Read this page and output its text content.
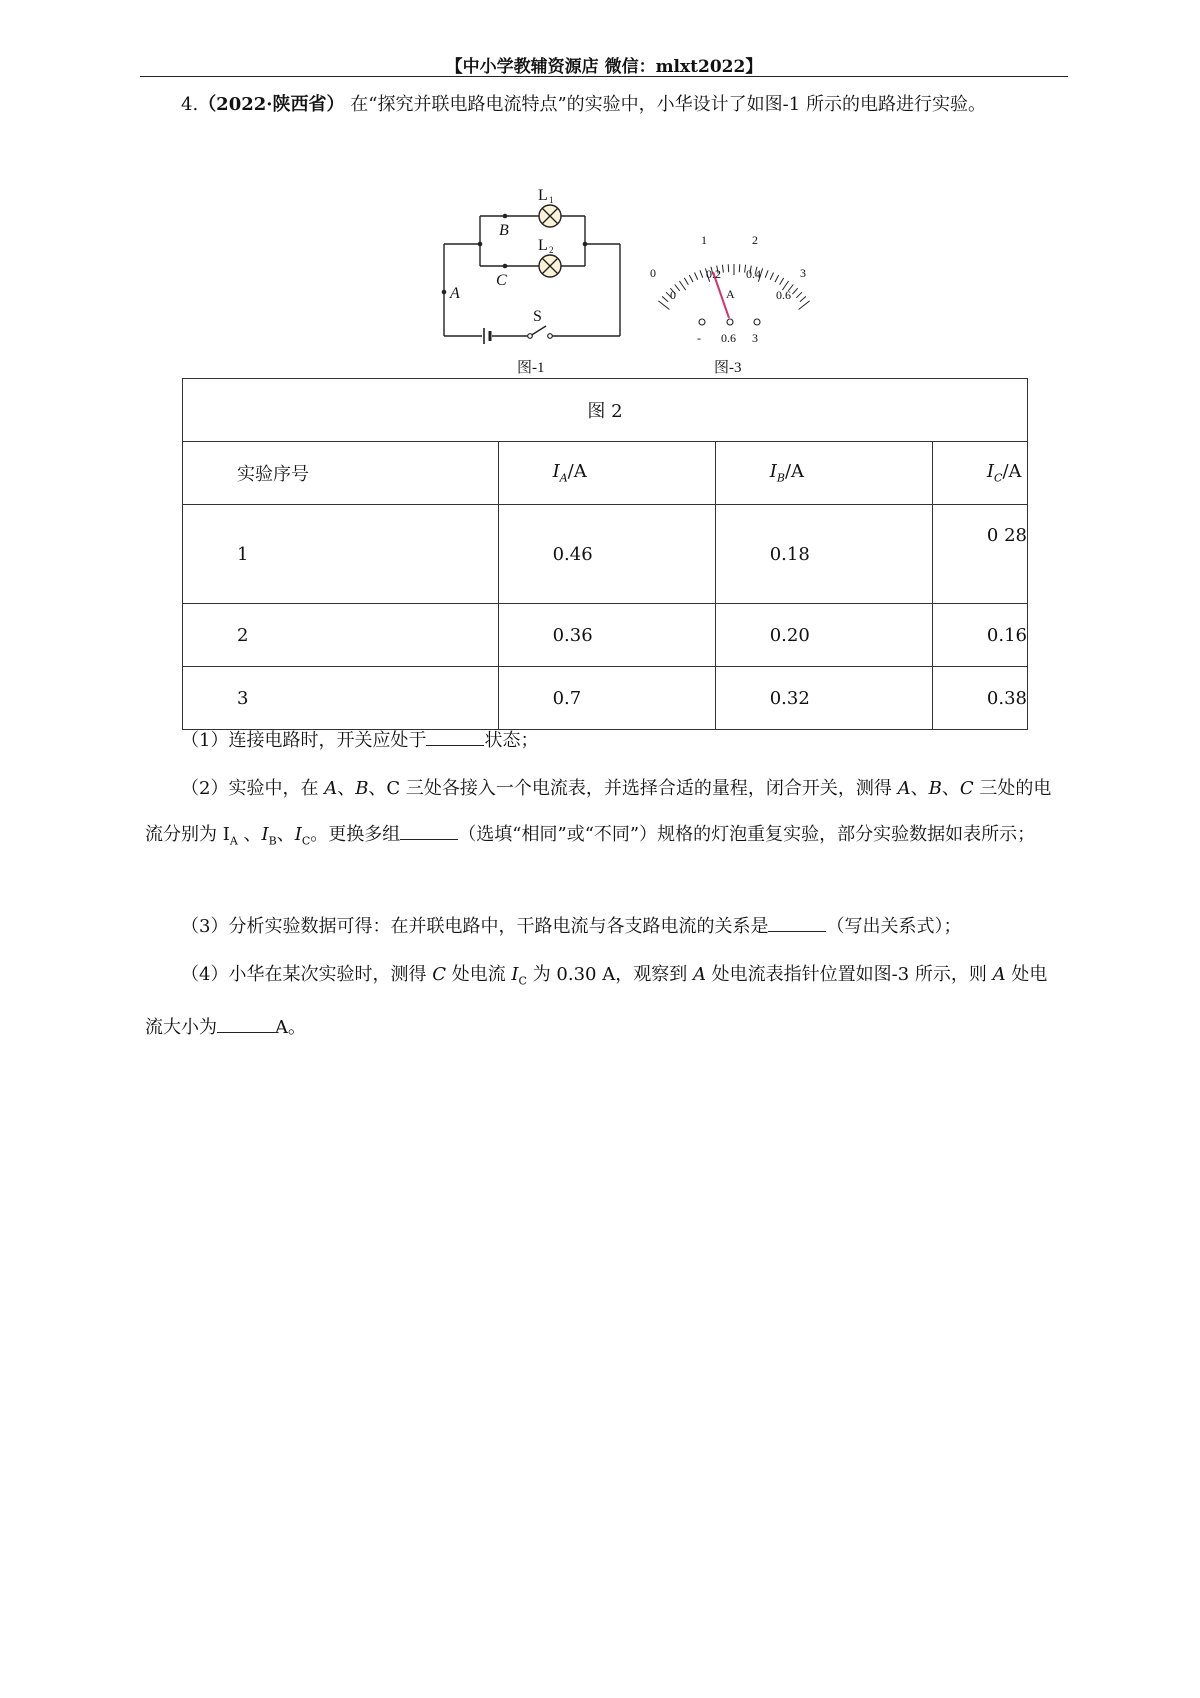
【中小学教辅资源店 微信：mlxt2022】
4.（2022·陕西省） 在“探究并联电路电流特点”的实验中，小华设计了如图-1 所示的电路进行实验。
L 1
L 2
B
C
A
S
图-1
0
1	2
3
0
0.2 0.4
0.6
A
- 0.6 3
图-3
图 2			
实验序号	$I_A/A$	$I_B/A$	$I_C/A$
1	0.46	0.18	0 28
2	0.36	0.20	0.16
3	0.7	0.32	0.38
（1）连接电路时，开关应处于	状态；
（2）实验中，在 A、B、C 三处各接入一个电流表，并选择合适的量程，闭合开关，测得 A、B、C 三处的电流分别为 $I_A$ 、$I_B$、$I_C$。更换多组	（选填“相同”或“不同”）规格的灯泡重复实验，部分实验数据如表所示；
（3）分析实验数据可得：在并联电路中，干路电流与各支路电流的关系是	（写出关系式）；
（4）小华在某次实验时，测得 C 处电流 $I_C$ 为 0.30 A，观察到 A 处电流表指针位置如图-3 所示，则 A 处电流大小为	A。
